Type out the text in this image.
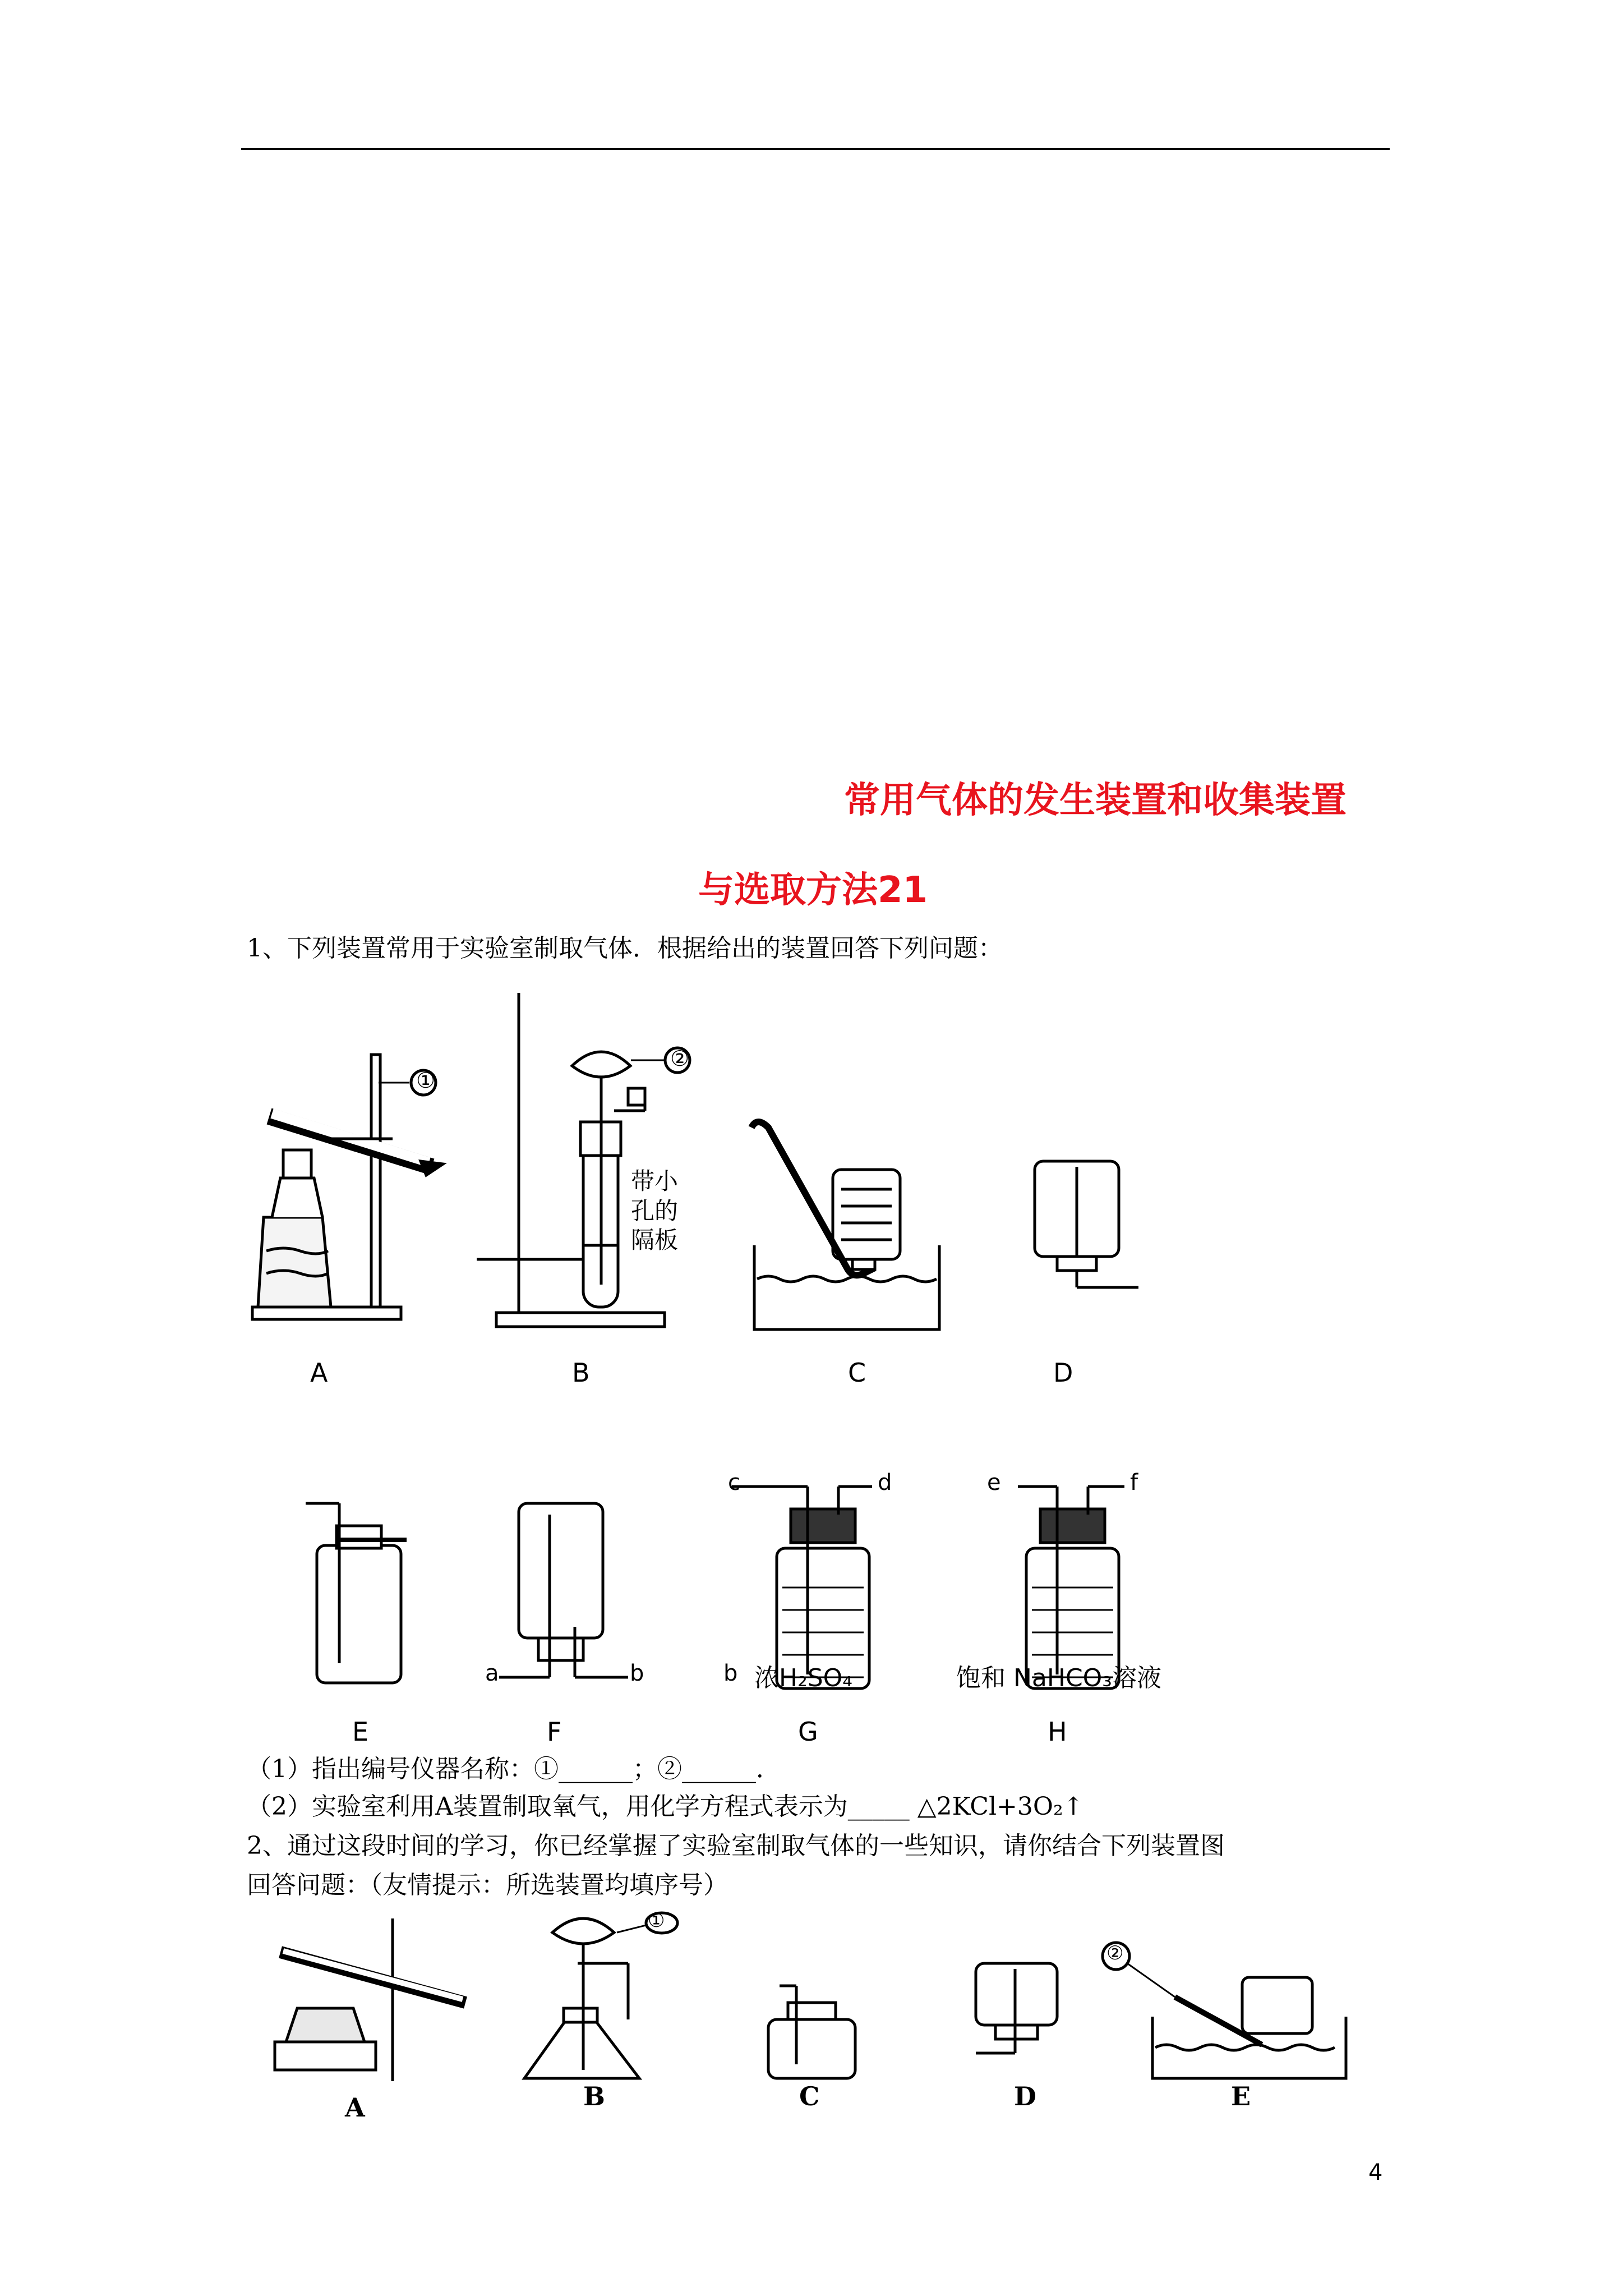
常用气体的发生装置和收集装置
与选取方法21
1、下列装置常用于实验室制取气体．根据给出的装置回答下列问题：
A	B	C	D
①
②
带小
孔的
隔板
a	b
c	d	e	f
b 浓H₂SO₄	饱和 NaHCO₃溶液
E	F	G	H
（1）指出编号仪器名称：①______；②______．
（2）实验室利用A装置制取氧气，用化学方程式表示为_____ △2KCl+3O₂↑
2、通过这段时间的学习，你已经掌握了实验室制取气体的一些知识，请你结合下列装置图
回答问题：（友情提示：所选装置均填序号）
①
②
A	B	C	D	E
4
